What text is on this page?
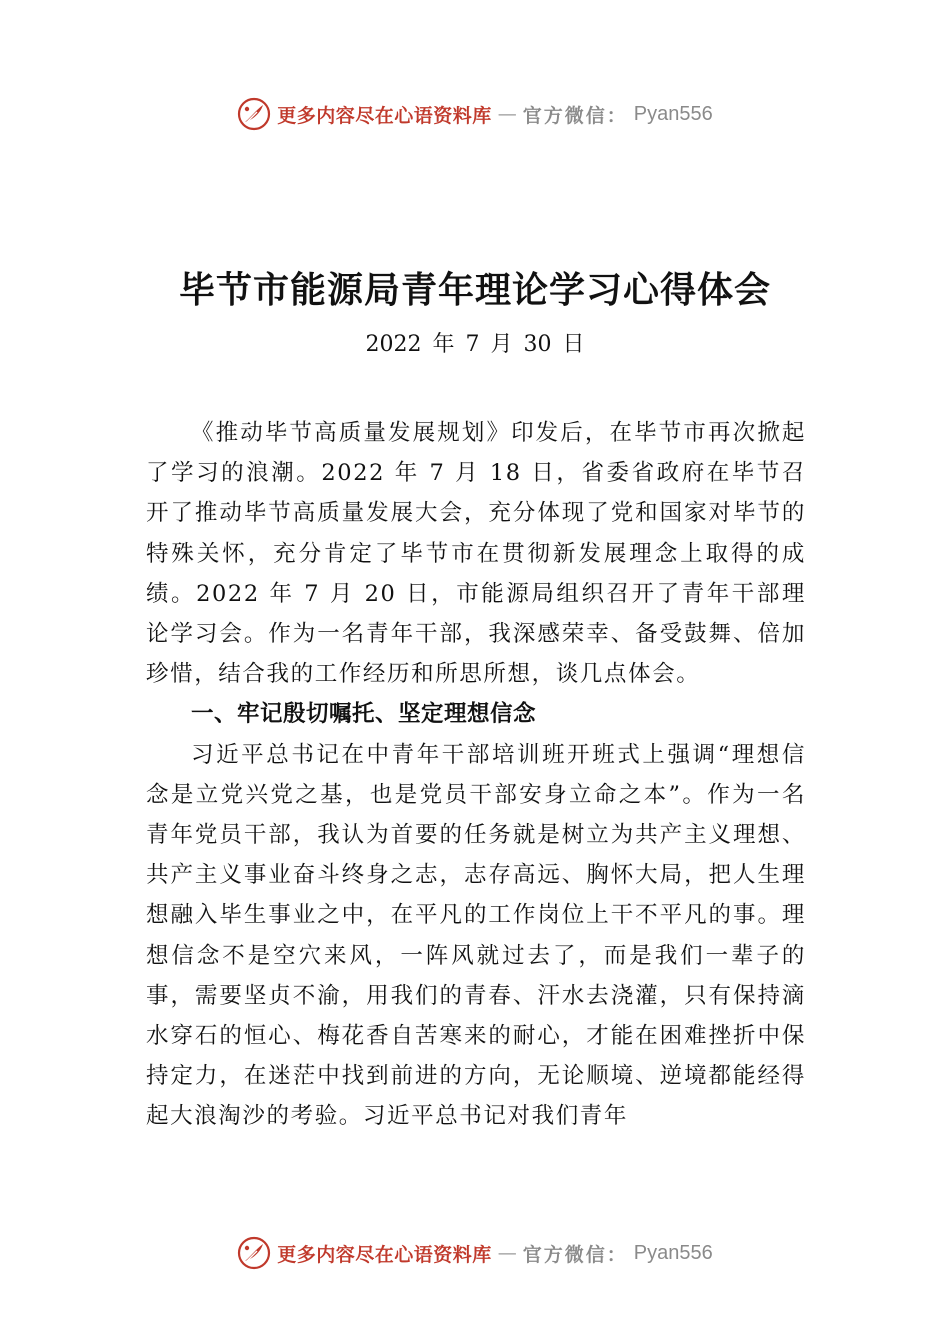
更多内容尽在心语资料库 — 官方微信： Pyan556
毕节市能源局青年理论学习心得体会
2022 年 7 月 30 日

《推动毕节高质量发展规划》印发后，在毕节市再次掀起了学习的浪潮。2022 年 7 月 18 日，省委省政府在毕节召开了推动毕节高质量发展大会，充分体现了党和国家对毕节的特殊关怀，充分肯定了毕节市在贯彻新发展理念上取得的成绩。2022 年 7 月 20 日，市能源局组织召开了青年干部理论学习会。作为一名青年干部，我深感荣幸、备受鼓舞、倍加珍惜，结合我的工作经历和所思所想，谈几点体会。

一、牢记殷切嘱托、坚定理想信念

习近平总书记在中青年干部培训班开班式上强调“理想信念是立党兴党之基，也是党员干部安身立命之本”。作为一名青年党员干部，我认为首要的任务就是树立为共产主义理想、共产主义事业奋斗终身之志，志存高远、胸怀大局，把人生理想融入毕生事业之中，在平凡的工作岗位上干不平凡的事。理想信念不是空穴来风，一阵风就过去了，而是我们一辈子的事，需要坚贞不渝，用我们的青春、汗水去浇灌，只有保持滴水穿石的恒心、梅花香自苦寒来的耐心，才能在困难挫折中保持定力，在迷茫中找到前进的方向，无论顺境、逆境都能经得起大浪淘沙的考验。习近平总书记对我们青年

更多内容尽在心语资料库 — 官方微信： Pyan556
